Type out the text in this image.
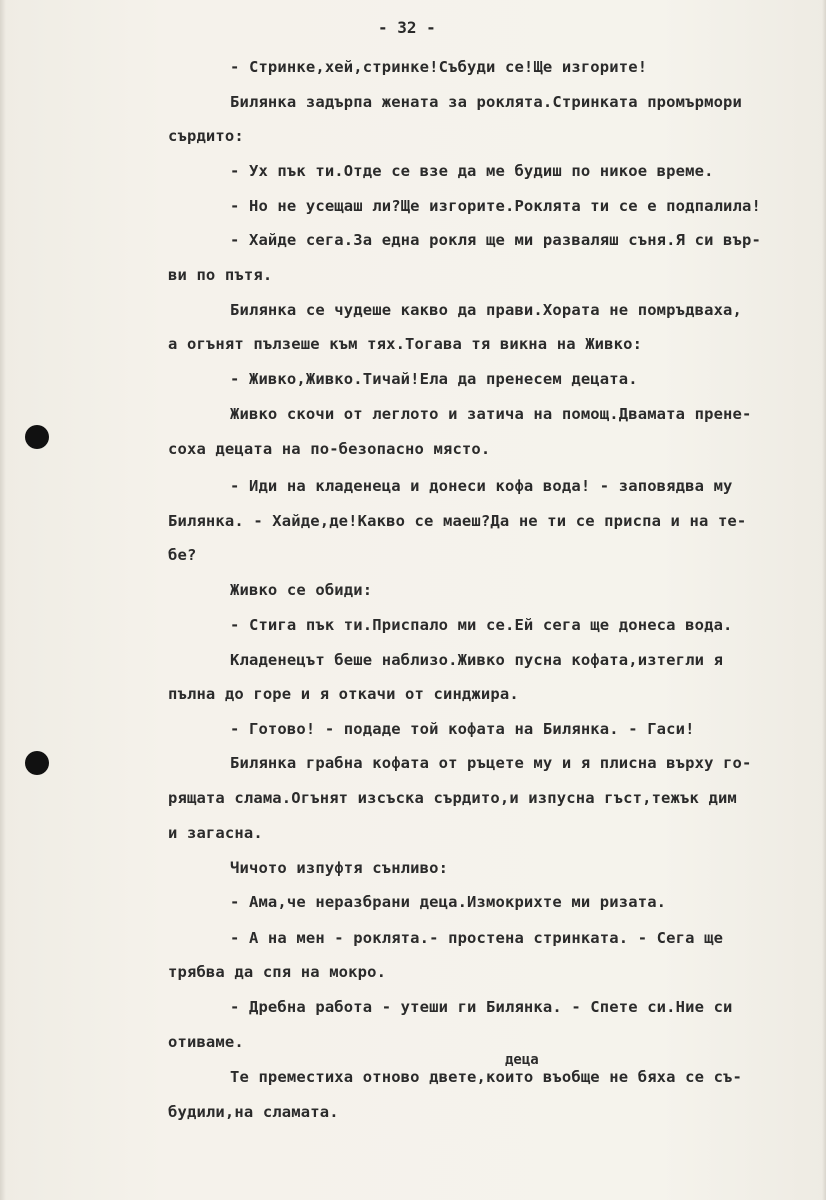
- 32 -
- Стринке,хей,стринке!Събуди се!Ще изгорите!
Билянка задърпа жената за роклята.Стринката промърмори
сърдито:
- Ух пък ти.Отде се взе да ме будиш по никое време.
- Но не усещаш ли?Ще изгорите.Роклята ти се е подпалила!
- Хайде сега.За една рокля ще ми разваляш съня.Я си вър-
ви по пътя.
Билянка се чудеше какво да прави.Хората не помръдваха,
а огънят пълзеше към тях.Тогава тя викна на Живко:
- Живко,Живко.Тичай!Ела да пренесем децата.
Живко скочи от леглото и затича на помощ.Двамата прене-
соха децата на по-безопасно място.
- Иди на кладенеца и донеси кофа вода! - заповядва му
Билянка. - Хайде,де!Какво се маеш?Да не ти се приспа и на те-
бе?
Живко се обиди:
- Стига пък ти.Приспало ми се.Ей сега ще донеса вода.
Кладенецът беше наблизо.Живко пусна кофата,изтегли я
пълна до горе и я откачи от синджира.
- Готово! - подаде той кофата на Билянка. - Гаси!
Билянка грабна кофата от ръцете му и я плисна върху го-
рящата слама.Огънят изсъска сърдито,и изпусна гъст,тежък дим
и загасна.
Чичото изпуфтя сънливо:
- Ама,че неразбрани деца.Измокрихте ми ризата.
- А на мен - роклята.- простена стринката. - Сега ще
трябва да спя на мокро.
- Дребна работа - утеши ги Билянка. - Спете си.Ние си
отиваме.
деца
Те преместиха отново двете,които въобще не бяха се съ-
будили,на сламата.
